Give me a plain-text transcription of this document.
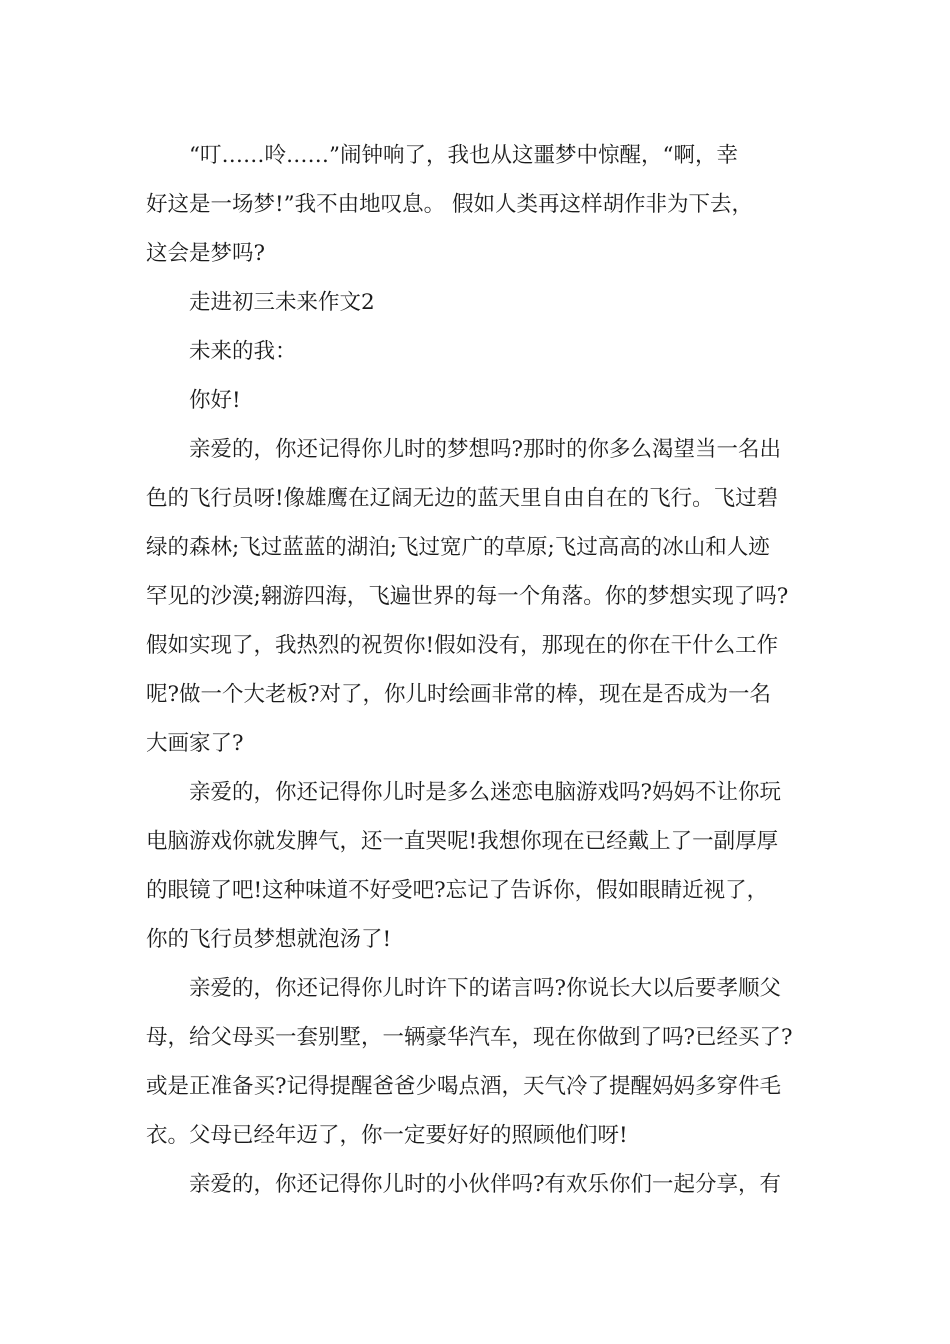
“叮……呤……”闹钟响了，我也从这噩梦中惊醒，“啊，幸
好这是一场梦!”我不由地叹息。 假如人类再这样胡作非为下去，
这会是梦吗?
走进初三未来作文2
未来的我：
你好!
亲爱的，你还记得你儿时的梦想吗?那时的你多么渴望当一名出
色的飞行员呀!像雄鹰在辽阔无边的蓝天里自由自在的飞行。飞过碧
绿的森林;飞过蓝蓝的湖泊;飞过宽广的草原;飞过高高的冰山和人迹
罕见的沙漠;翱游四海，飞遍世界的每一个角落。你的梦想实现了吗?
假如实现了，我热烈的祝贺你!假如没有，那现在的你在干什么工作
呢?做一个大老板?对了，你儿时绘画非常的棒，现在是否成为一名
大画家了?
亲爱的，你还记得你儿时是多么迷恋电脑游戏吗?妈妈不让你玩
电脑游戏你就发脾气，还一直哭呢!我想你现在已经戴上了一副厚厚
的眼镜了吧!这种味道不好受吧?忘记了告诉你，假如眼睛近视了，
你的飞行员梦想就泡汤了!
亲爱的，你还记得你儿时许下的诺言吗?你说长大以后要孝顺父
母，给父母买一套别墅，一辆豪华汽车，现在你做到了吗?已经买了?
或是正准备买?记得提醒爸爸少喝点酒，天气冷了提醒妈妈多穿件毛
衣。父母已经年迈了，你一定要好好的照顾他们呀!
亲爱的，你还记得你儿时的小伙伴吗?有欢乐你们一起分享，有
